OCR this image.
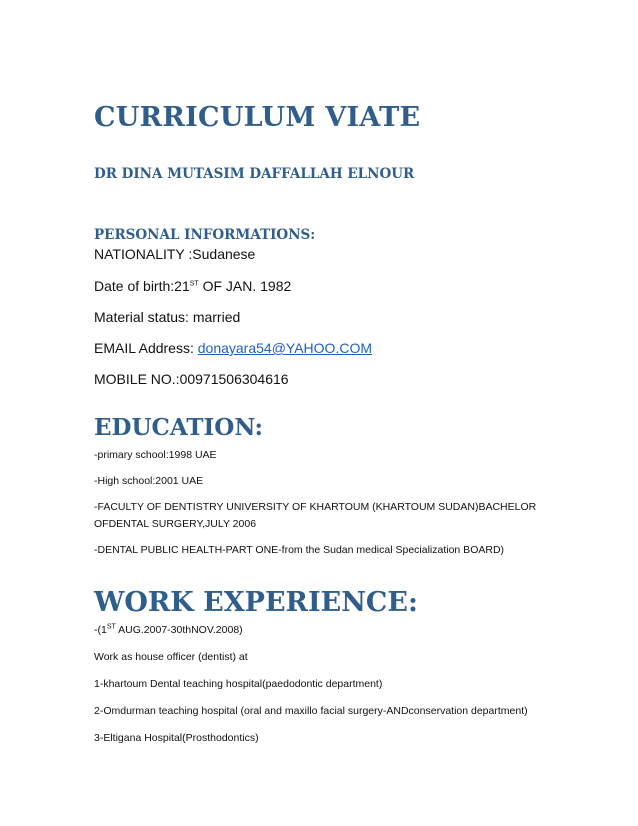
CURRICULUM VIATE
DR DINA MUTASIM DAFFALLAH ELNOUR
PERSONAL INFORMATIONS:
NATIONALITY :Sudanese
Date of birth:21ST OF JAN. 1982
Material status: married
EMAIL Address: donayara54@YAHOO.COM
MOBILE NO.:00971506304616
EDUCATION:
-primary school:1998 UAE
-High school:2001 UAE
-FACULTY OF DENTISTRY UNIVERSITY OF KHARTOUM (KHARTOUM SUDAN)BACHELOR
OFDENTAL SURGERY,JULY 2006
-DENTAL PUBLIC HEALTH-PART ONE-from the Sudan medical Specialization BOARD)
WORK EXPERIENCE:
-(1ST AUG.2007-30thNOV.2008)
Work as house officer (dentist) at
1-khartoum Dental teaching hospital(paedodontic department)
2-Omdurman teaching hospital (oral and maxillo facial surgery-ANDconservation department)
3-Eltigana Hospital(Prosthodontics)
